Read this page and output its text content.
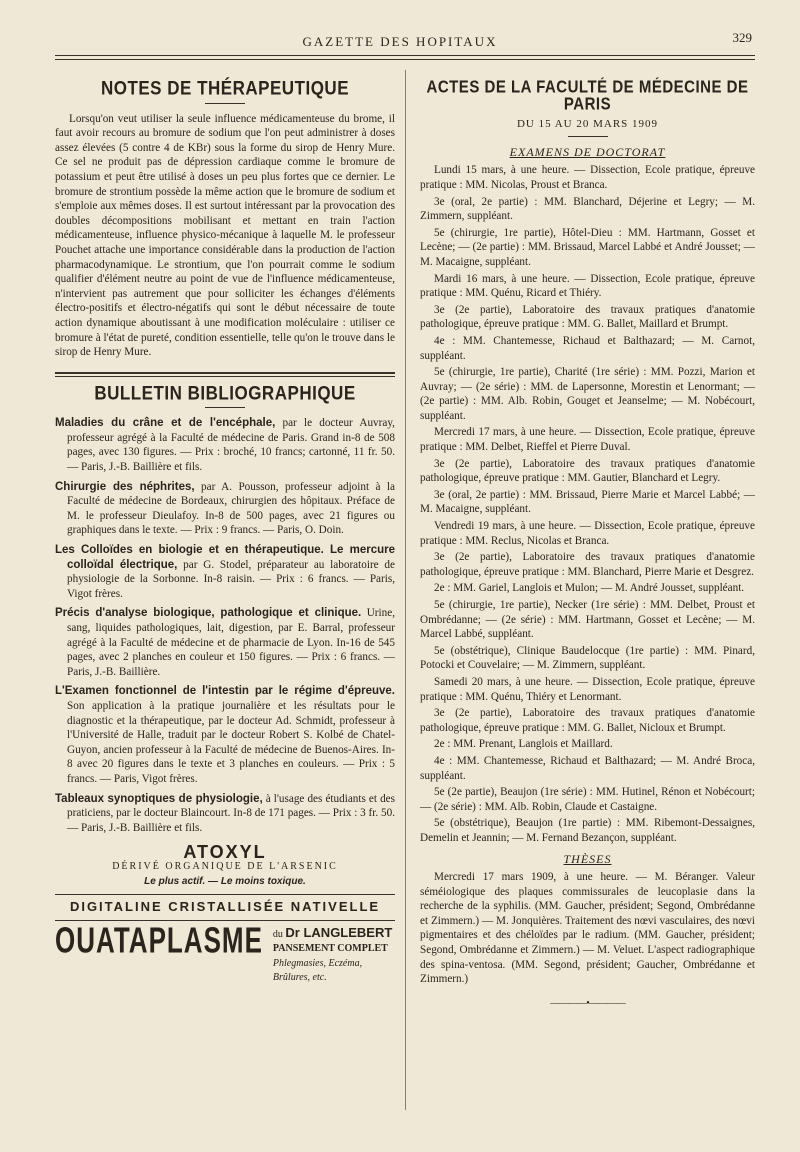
GAZETTE DES HOPITAUX	329
NOTES DE THÉRAPEUTIQUE

Lorsqu'on veut utiliser la seule influence médicamenteuse du brome, il faut avoir recours au bromure de sodium que l'on peut administrer à doses assez élevées (5 contre 4 de KBr) sous la forme du sirop de Henry Mure. Ce sel ne produit pas de dépression cardiaque comme le bromure de potassium et peut être utilisé à doses un peu plus fortes que ce dernier. Le bromure de strontium possède la même action que le bromure de sodium et s'emploie aux mêmes doses. Il est surtout intéressant par la provocation des doubles décompositions mobilisant et mettant en train l'action médicamenteuse, influence physico-mécanique à laquelle M. le professeur Pouchet attache une importance considérable dans la production de l'action pharmacodynamique. Le strontium, que l'on pourrait comme le sodium qualifier d'élément neutre au point de vue de l'influence médicamenteuse, n'intervient pas autrement que pour solliciter les échanges d'éléments électro-positifs et électro-négatifs qui sont le début nécessaire de toute action dynamique aboutissant à une modification moléculaire : utiliser ce bromure à l'état de pureté, condition essentielle, telle qu'on le trouve dans le sirop de Henry Mure.

BULLETIN BIBLIOGRAPHIQUE
Maladies du crâne et de l'encéphale, par le docteur Auvray, professeur agrégé à la Faculté de médecine de Paris. Grand in-8 de 508 pages, avec 130 figures. — Prix : broché, 10 francs; cartonné, 11 fr. 50. — Paris, J.-B. Baillière et fils.
Chirurgie des néphrites, par A. Pousson, professeur adjoint à la Faculté de médecine de Bordeaux, chirurgien des hôpitaux. Préface de M. le professeur Dieulafoy. In-8 de 500 pages, avec 21 figures ou graphiques dans le texte. — Prix : 9 francs. — Paris, O. Doin.
Les Colloïdes en biologie et en thérapeutique. Le mercure colloïdal électrique, par G. Stodel, préparateur au laboratoire de physiologie de la Sorbonne. In-8 raisin. — Prix : 6 francs. — Paris, Vigot frères.
Précis d'analyse biologique, pathologique et clinique. Urine, sang, liquides pathologiques, lait, digestion, par E. Barral, professeur agrégé à la Faculté de médecine et de pharmacie de Lyon. In-16 de 545 pages, avec 2 planches en couleur et 150 figures. — Prix : 6 francs. — Paris, J.-B. Baillière.
L'Examen fonctionnel de l'intestin par le régime d'épreuve. Son application à la pratique journalière et les résultats pour le diagnostic et la thérapeutique, par le docteur Ad. Schmidt, professeur à l'Université de Halle, traduit par le docteur Robert S. Kolbé de Chatel-Guyon, ancien professeur à la Faculté de médecine de Buenos-Aires. In-8 avec 20 figures dans le texte et 3 planches en couleurs. — Prix : 5 francs. — Paris, Vigot frères.
Tableaux synoptiques de physiologie, à l'usage des étudiants et des praticiens, par le docteur Blaincourt. In-8 de 171 pages. — Prix : 3 fr. 50. — Paris, J.-B. Baillière et fils.
ATOXYL
DÉRIVÉ ORGANIQUE DE L'ARSENIC
Le plus actif. — Le moins toxique.
DIGITALINE CRISTALLISÉE NATIVELLE
OUATAPLASME du Dr LANGLEBERT
PANSEMENT COMPLET
Phlegmasies, Eczéma, Brûlures, etc.
ACTES DE LA FACULTÉ DE MÉDECINE DE PARIS
DU 15 AU 20 MARS 1909
EXAMENS DE DOCTORAT

Lundi 15 mars, à une heure. — Dissection, Ecole pratique, épreuve pratique : MM. Nicolas, Proust et Branca.

3e (oral, 2e partie) : MM. Blanchard, Déjerine et Legry; — M. Zimmern, suppléant.

5e (chirurgie, 1re partie), Hôtel-Dieu : MM. Hartmann, Gosset et Lecène; — (2e partie) : MM. Brissaud, Marcel Labbé et André Jousset; — M. Macaigne, suppléant.

Mardi 16 mars, à une heure. — Dissection, Ecole pratique, épreuve pratique : MM. Quénu, Ricard et Thiéry.

3e (2e partie), Laboratoire des travaux pratiques d'anatomie pathologique, épreuve pratique : MM. G. Ballet, Maillard et Brumpt.

4e : MM. Chantemesse, Richaud et Balthazard; — M. Carnot, suppléant.

5e (chirurgie, 1re partie), Charité (1re série) : MM. Pozzi, Marion et Auvray; — (2e série) : MM. de Lapersonne, Morestin et Lenormant; — (2e partie) : MM. Alb. Robin, Gouget et Jeanselme; — M. Nobécourt, suppléant.

Mercredi 17 mars, à une heure. — Dissection, Ecole pratique, épreuve pratique : MM. Delbet, Rieffel et Pierre Duval.

3e (2e partie), Laboratoire des travaux pratiques d'anatomie pathologique, épreuve pratique : MM. Gautier, Blanchard et Legry.

3e (oral, 2e partie) : MM. Brissaud, Pierre Marie et Marcel Labbé; — M. Macaigne, suppléant.

Vendredi 19 mars, à une heure. — Dissection, Ecole pratique, épreuve pratique : MM. Reclus, Nicolas et Branca.

3e (2e partie), Laboratoire des travaux pratiques d'anatomie pathologique, épreuve pratique : MM. Blanchard, Pierre Marie et Desgrez.

2e : MM. Gariel, Langlois et Mulon; — M. André Jousset, suppléant.

5e (chirurgie, 1re partie), Necker (1re série) : MM. Delbet, Proust et Ombrédanne; — (2e série) : MM. Hartmann, Gosset et Lecène; — M. Marcel Labbé, suppléant.

5e (obstétrique), Clinique Baudelocque (1re partie) : MM. Pinard, Potocki et Couvelaire; — M. Zimmern, suppléant.

Samedi 20 mars, à une heure. — Dissection, Ecole pratique, épreuve pratique : MM. Quénu, Thiéry et Lenormant.

3e (2e partie), Laboratoire des travaux pratiques d'anatomie pathologique, épreuve pratique : MM. G. Ballet, Nicloux et Brumpt.

2e : MM. Prenant, Langlois et Maillard.

4e : MM. Chantemesse, Richaud et Balthazard; — M. André Broca, suppléant.

5e (2e partie), Beaujon (1re série) : MM. Hutinel, Rénon et Nobécourt; — (2e série) : MM. Alb. Robin, Claude et Castaigne.

5e (obstétrique), Beaujon (1re partie) : MM. Ribemont-Dessaignes, Demelin et Jeannin; — M. Fernand Bezançon, suppléant.

THÈSES

Mercredi 17 mars 1909, à une heure. — M. Béranger. Valeur séméiologique des plaques commissurales de leucoplasie dans la recherche de la syphilis. (MM. Gaucher, président; Segond, Ombrédanne et Zimmern.) — M. Jonquières. Traitement des nœvi vasculaires, des nœvi pigmentaires et des chéloïdes par le radium. (MM. Gaucher, président; Segond, Ombrédanne et Zimmern.) — M. Veluet. L'aspect radiographique des spina-ventosa. (MM. Segond, président; Gaucher, Ombrédanne et Zimmern.)

————•————
